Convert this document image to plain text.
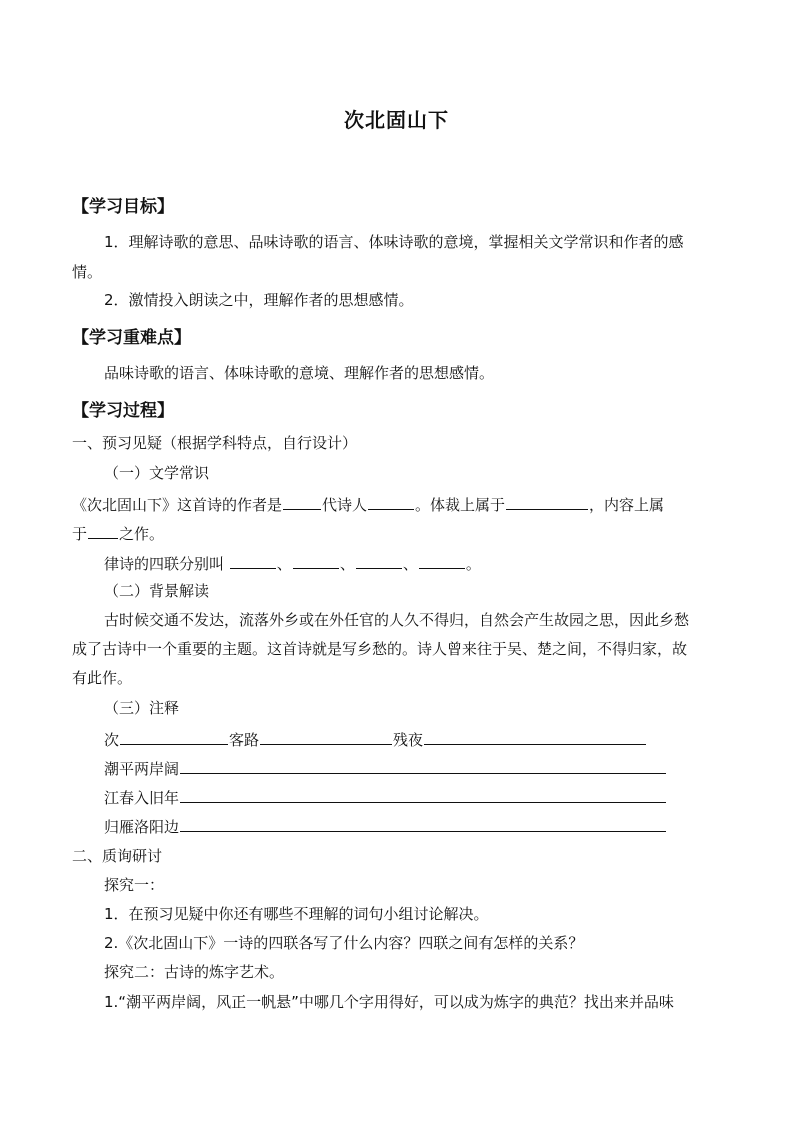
次北固山下
【学习目标】
1．理解诗歌的意思、品味诗歌的语言、体味诗歌的意境，掌握相关文学常识和作者的感
情。
2．激情投入朗读之中，理解作者的思想感情。
【学习重难点】
品味诗歌的语言、体味诗歌的意境、理解作者的思想感情。
【学习过程】
一、预习见疑（根据学科特点，自行设计）
（一）文学常识
《次北固山下》这首诗的作者是	代诗人	。体裁上属于	，内容上属
于 之作。
律诗的四联分别叫	、	、	、	。
（二）背景解读
古时候交通不发达，流落外乡或在外任官的人久不得归，自然会产生故园之思，因此乡愁
成了古诗中一个重要的主题。这首诗就是写乡愁的。诗人曾来往于吴、楚之间，不得归家，故
有此作。
（三）注释
次	客路	残夜
潮平两岸阔
江春入旧年
归雁洛阳边
二、质询研讨
探究一：
1．在预习见疑中你还有哪些不理解的词句小组讨论解决。
2.《次北固山下》一诗的四联各写了什么内容？四联之间有怎样的关系？
探究二：古诗的炼字艺术。
1.“潮平两岸阔，风正一帆悬”中哪几个字用得好，可以成为炼字的典范？找出来并品味
